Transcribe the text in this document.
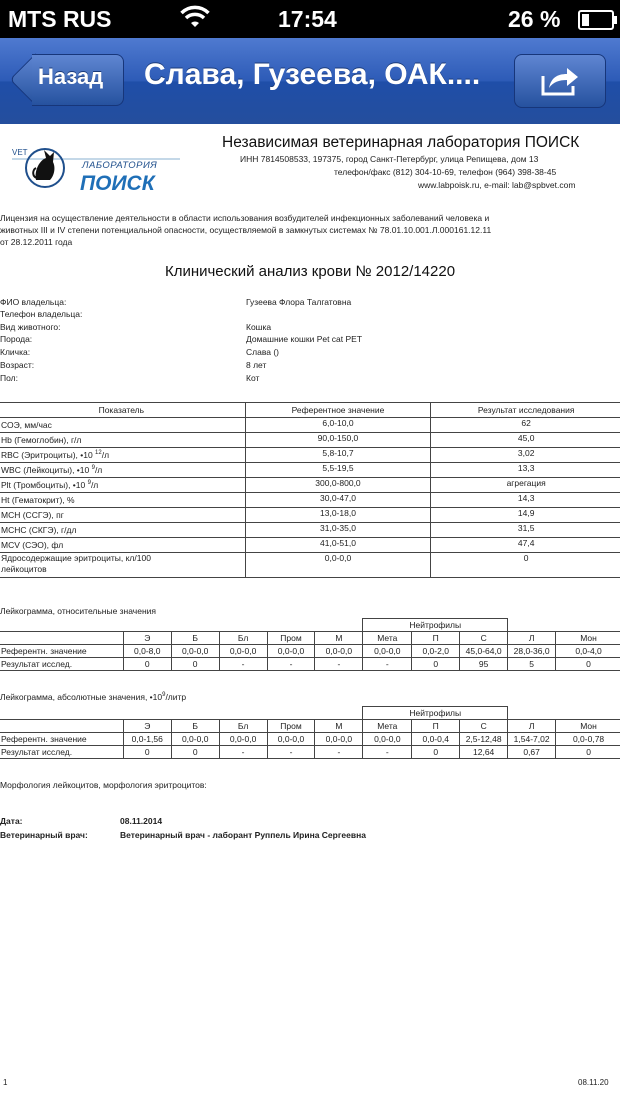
MTS RUS	17:54	26 %
Назад Слава, Гузеева, ОАК....
VET
ЛАБОРАТОРИЯ
ПОИСК
Независимая ветеринарная лаборатория ПОИСК
ИНН 7814508533, 197375, город Санкт-Петербург, улица Репищева, дом 13
телефон/факс (812) 304-10-69, телефон (964) 398-38-45
www.labpoisk.ru, e-mail: lab@spbvet.com
Лицензия на осуществление деятельности в области использования возбудителей инфекционных заболеваний человека и
животных III и IV степени потенциальной опасности, осуществляемой в замкнутых системах № 78.01.10.001.Л.000161.12.11
от 28.12.2011 года
Клинический анализ крови № 2012/14220
ФИО владельца:	Гузеева Флора Талгатовна
Телефон владельца:
Вид животного:	Кошка
Порода:	Домашние кошки Pet cat PET
Кличка:	Слава ()
Возраст:	8 лет
Пол:	Кот
Показатель	Референтное значение	Результат исследования
СОЭ, мм/час	6,0-10,0	62
Hb (Гемоглобин), г/л	90,0-150,0	45,0
RBC (Эритроциты), •10 $^{12}$/л	5,8-10,7	3,02
WBC (Лейкоциты), •10 $^9$/л	5,5-19,5	13,3
Plt (Тромбоциты), •10 $^9$/л	300,0-800,0	агрегация
Ht (Гематокрит), %	30,0-47,0	14,3
MCH (ССГЭ), пг	13,0-18,0	14,9
MCHC (СКГЭ), г/дл	31,0-35,0	31,5
MCV (СЭО), фл	41,0-51,0	47,4
Ядросодержащие эритроциты, кл/100
лейкоцитов	0,0-0,0	0
Лейкограмма, относительные значения
						Нейтрофилы				
	Э	Б	Бл	Пром	М	Мета	П	С	Л	Мон
Референтн. значение	0,0-8,0	0,0-0,0	0,0-0,0	0,0-0,0	0,0-0,0	0,0-0,0	0,0-2,0	45,0-64,0	28,0-36,0	0,0-4,0
Результат исслед.	0	0	-	-	-	-	0	95	5	0
Лейкограмма, абсолютные значения, $•10^9$/литр
						Нейтрофилы				
	Э	Б	Бл	Пром	М	Мета	П	С	Л	Мон
Референтн. значение	0,0-1,56	0,0-0,0	0,0-0,0	0,0-0,0	0,0-0,0	0,0-0,0	0,0-0,4	2,5-12,48	1,54-7,02	0,0-0,78
Результат исслед.	0	0	-	-	-	-	0	12,64	0,67	0
Морфология лейкоцитов, морфология эритроцитов:
Дата:	08.11.2014
Ветеринарный врач:	Ветеринарный врач - лаборант Руппель Ирина Сергеевна
1	08.11.20
